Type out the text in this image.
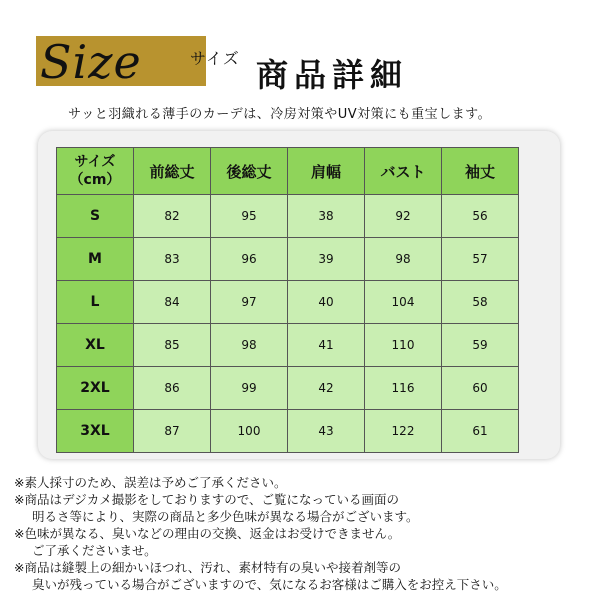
Size	サイズ 商品詳細
サッと羽織れる薄手のカーデは、冷房対策やUV対策にも重宝します。
サイズ
（cm）	前総丈	後総丈	肩幅	バスト	袖丈
S	82	95	38	92	56
M	83	96	39	98	57
L	84	97	40	104	58
XL	85	98	41	110	59
2XL	86	99	42	116	60
3XL	87	100	43	122	61
※素人採寸のため、誤差は予めご了承ください。
※商品はデジカメ撮影をしておりますので、ご覧になっている画面の
明るさ等により、実際の商品と多少色味が異なる場合がございます。
※色味が異なる、臭いなどの理由の交換、返金はお受けできません。
ご了承くださいませ。
※商品は縫製上の細かいほつれ、汚れ、素材特有の臭いや接着剤等の
臭いが残っている場合がございますので、気になるお客様はご購入をお控え下さい。
